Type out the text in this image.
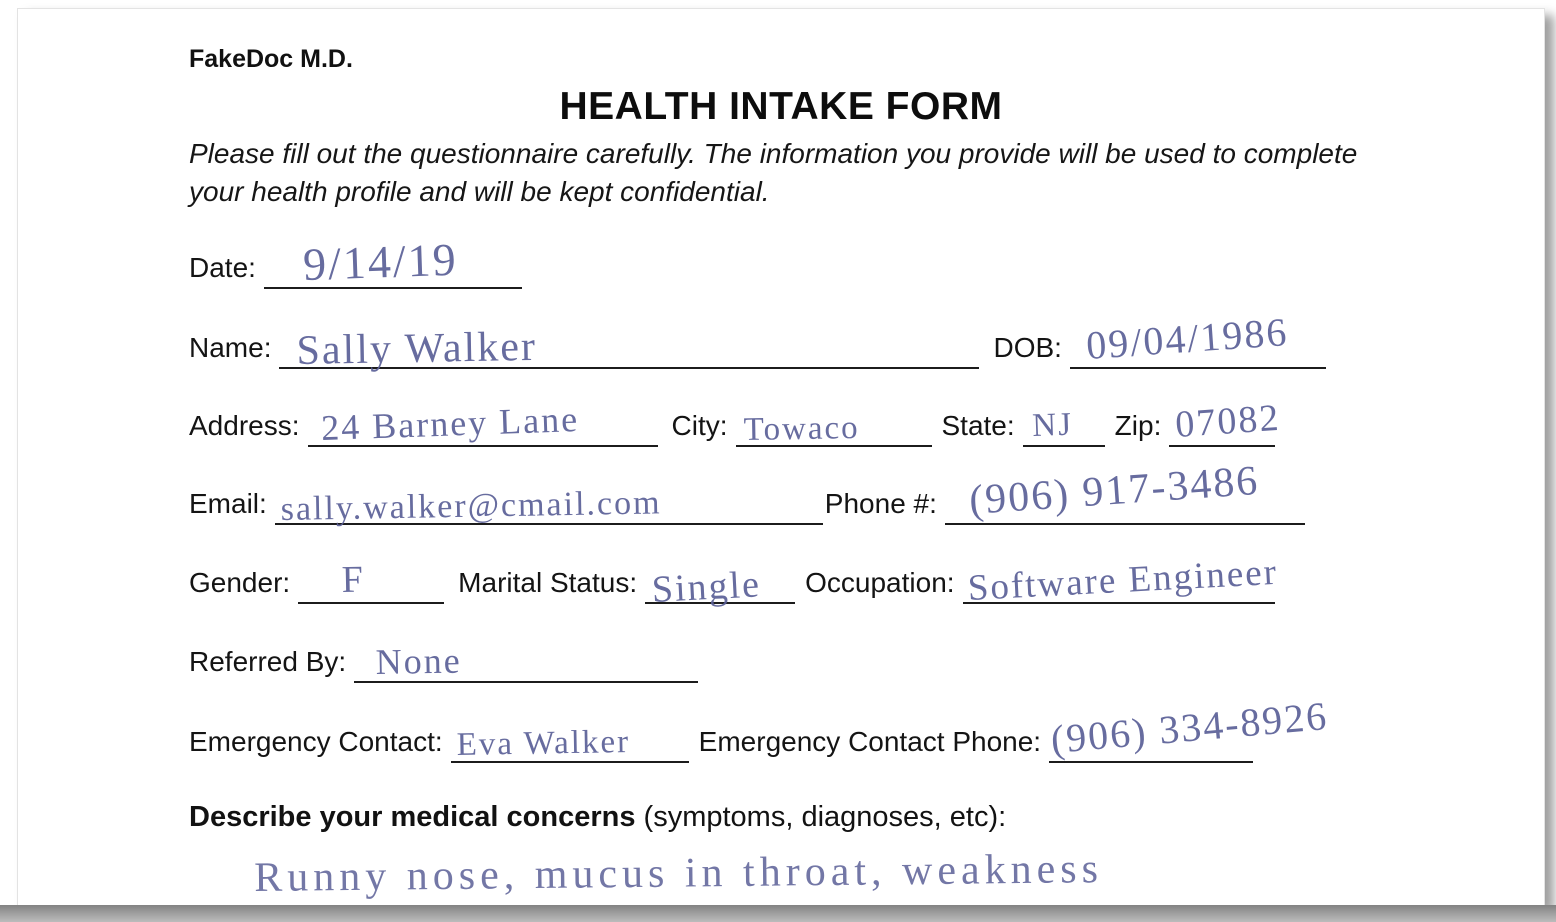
FakeDoc M.D.
HEALTH INTAKE FORM
Please fill out the questionnaire carefully. The information you provide will be used to complete your health profile and will be kept confidential.
Date: 9/14/19
Name: Sally Walker	DOB: 09/04/1986
Address: 24 Barney Lane	City: Towaco	State: NJ Zip: 07082
Email: sally.walker@cmail.com	Phone #: (906) 917-3486
Gender: F	Marital Status: Single Occupation: Software Engineer
Referred By: None
Emergency Contact: Eva Walker Emergency Contact Phone: (906) 334-8926
Describe your medical concerns (symptoms, diagnoses, etc):
Runny nose, mucus in throat, weakness
